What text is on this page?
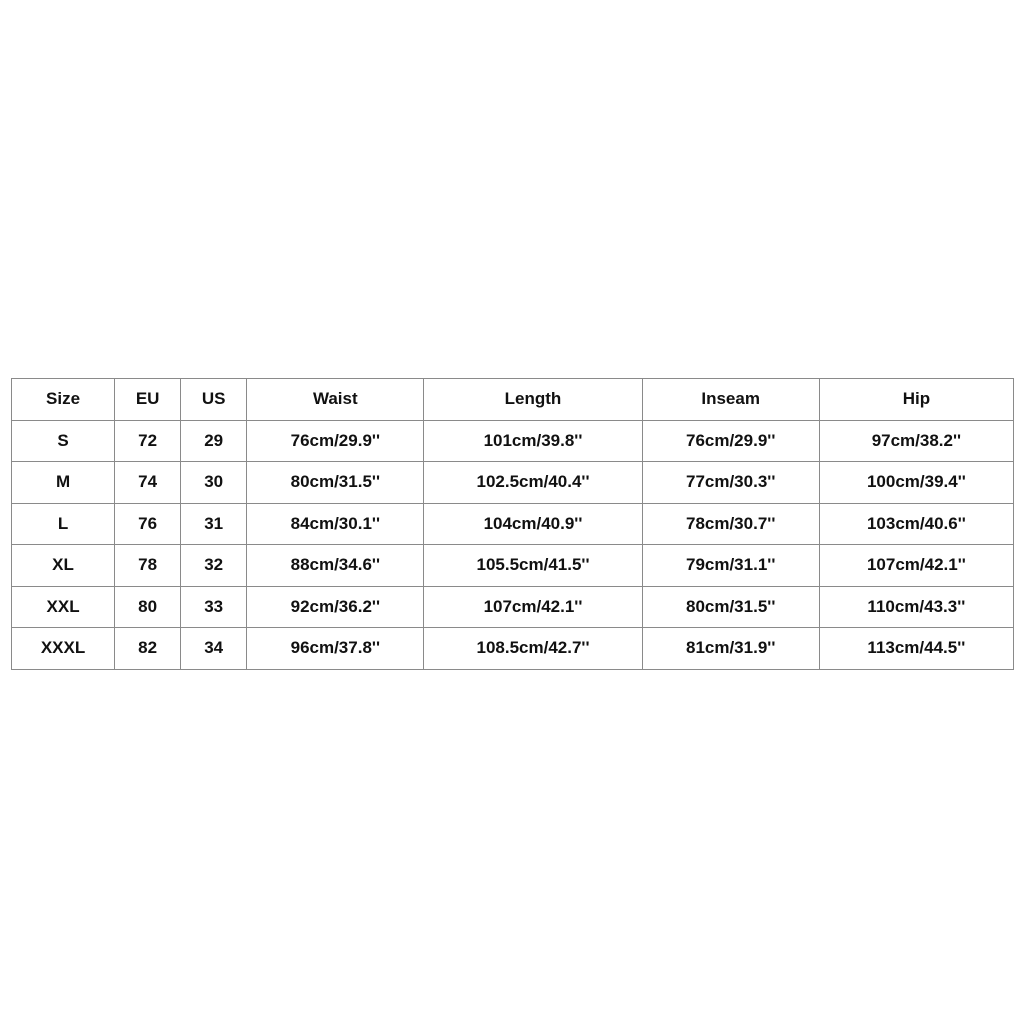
Size	EU	US	Waist	Length	Inseam	Hip
S	72	29	76cm/29.9''	101cm/39.8''	76cm/29.9''	97cm/38.2''
M	74	30	80cm/31.5''	102.5cm/40.4''	77cm/30.3''	100cm/39.4''
L	76	31	84cm/30.1''	104cm/40.9''	78cm/30.7''	103cm/40.6''
XL	78	32	88cm/34.6''	105.5cm/41.5''	79cm/31.1''	107cm/42.1''
XXL	80	33	92cm/36.2''	107cm/42.1''	80cm/31.5''	110cm/43.3''
XXXL	82	34	96cm/37.8''	108.5cm/42.7''	81cm/31.9''	113cm/44.5''
